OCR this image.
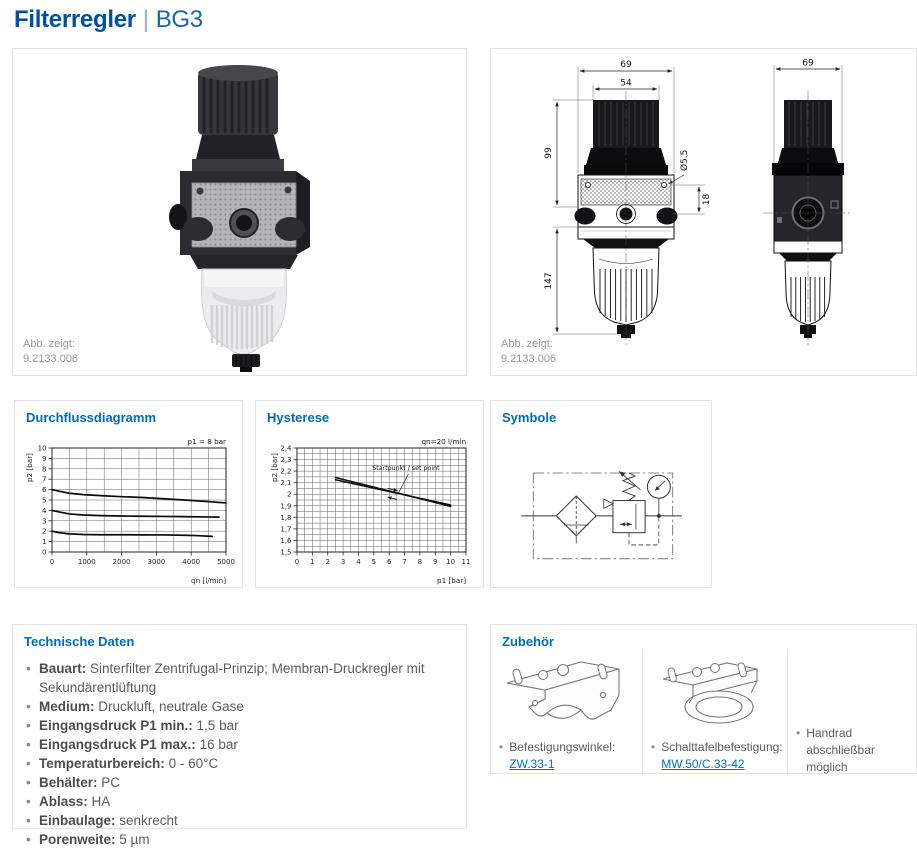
Filterregler | BG3
Abb. zeigt:
9.2133.006
69
54
99
147
Ø5.5
18
69
Abb. zeigt:
9.2133.006
Durchflussdiagramm
0	1000 2000 3000 4000 5000
0
1
2
3
4
5
6
7
8
9
10
p1 = 8 bar
qn [l/min]
p2 [bar]
Hysterese
0 1 2 3 4 5 6 7 8 9 10 11
1,5
1,6
1,7
1,8
1,9
2
2,1
2,2
2,3
2,4
qn=20 l/min
p1 [bar]
p2 [bar]	Startpunkt / set point
Symbole
Technische Daten
• Bauart: Sinterfilter Zentrifugal-Prinzip; Membran-Druckregler mit Sekundärentlüftung
• Medium: Druckluft, neutrale Gase
• Eingangsdruck P1 min.: 1,5 bar
• Eingangsdruck P1 max.: 16 bar
• Temperaturbereich: 0 - 60°C
• Behälter: PC
• Ablass: HA
• Einbaulage: senkrecht
• Porenweite: 5 µm
Zubehör
• Befestigungswinkel:
ZW.33-1
• Schalttafelbefestigung:
MW.50/C.33-42
• Handrad abschließbar möglich
